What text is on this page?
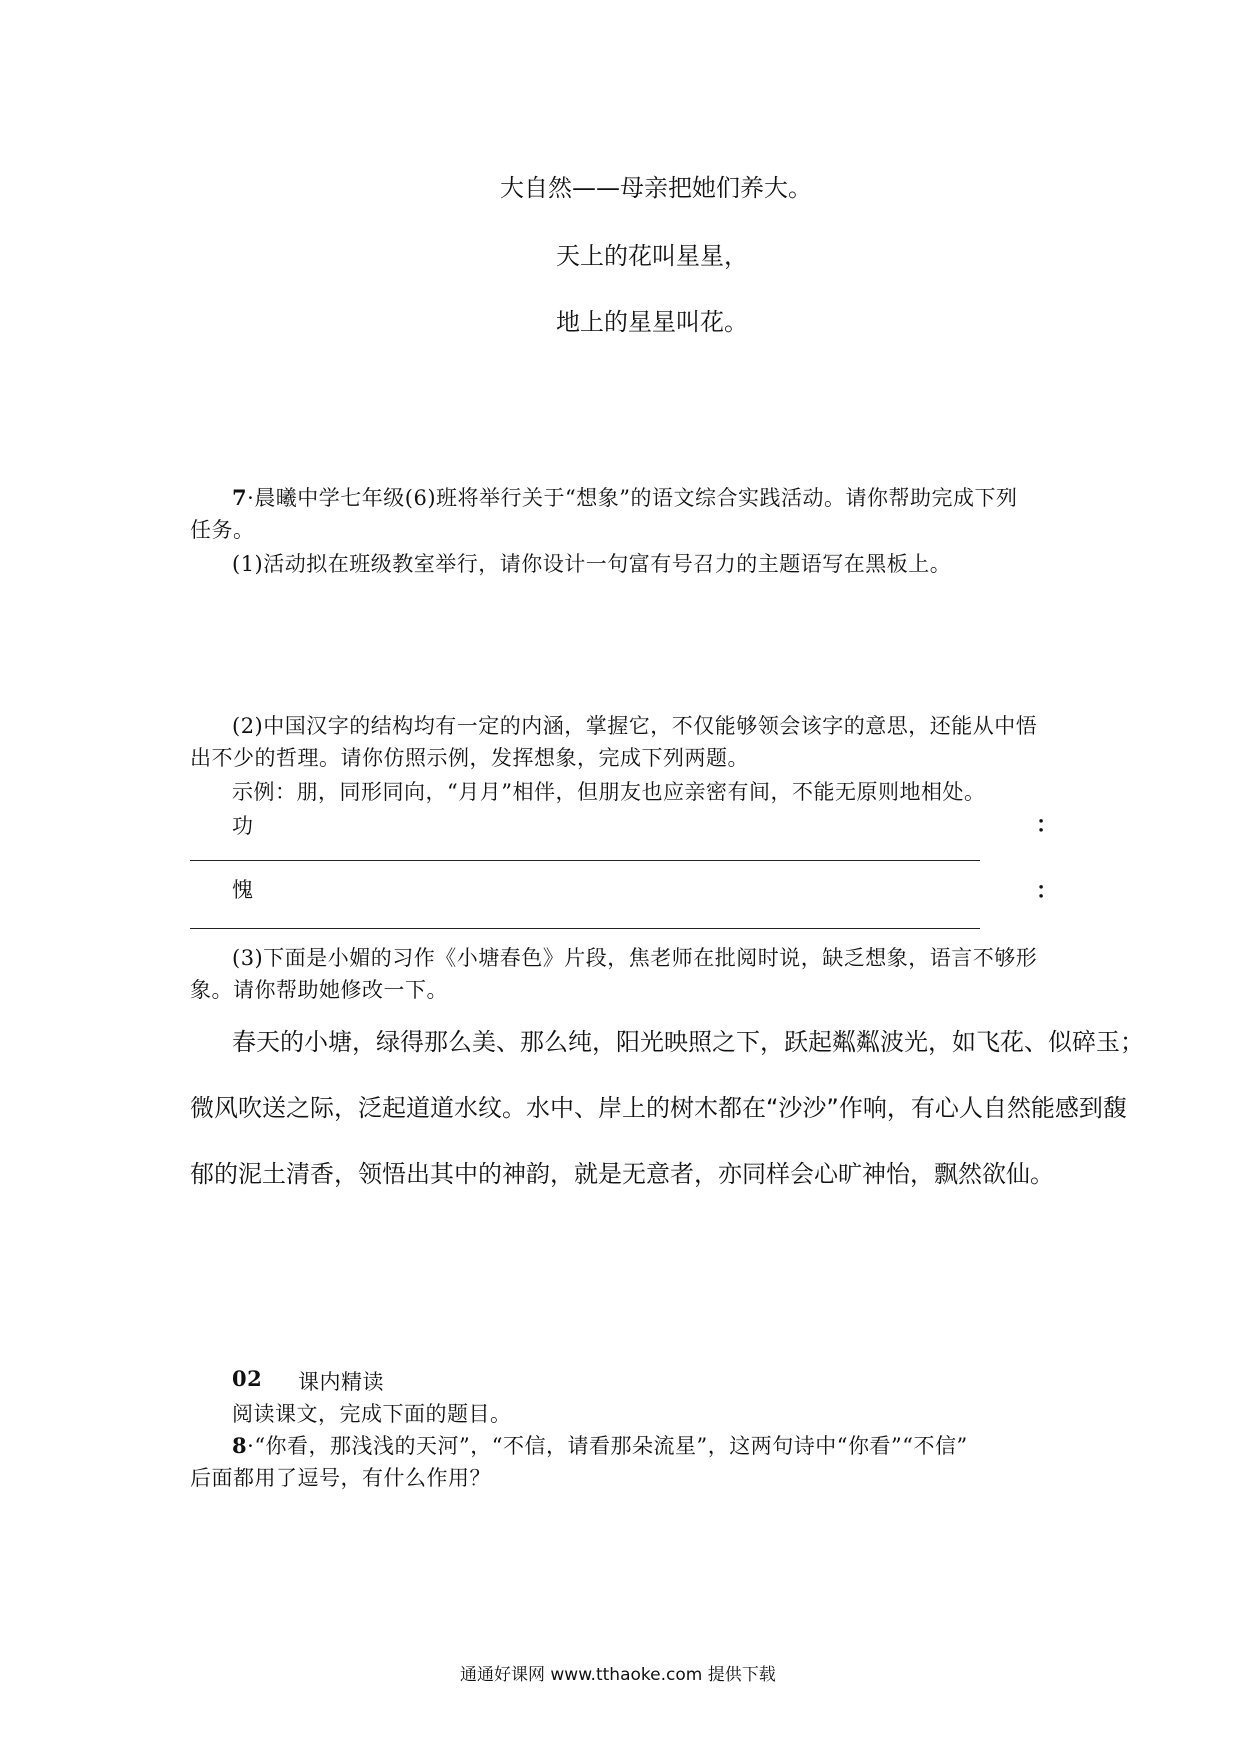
大自然——母亲把她们养大。

天上的花叫星星，

地上的星星叫花。

7·晨曦中学七年级(6)班将举行关于“想象”的语文综合实践活动。请你帮助完成下列

任务。

(1)活动拟在班级教室举行，请你设计一句富有号召力的主题语写在黑板上。

(2)中国汉字的结构均有一定的内涵，掌握它，不仅能够领会该字的意思，还能从中悟

出不少的哲理。请你仿照示例，发挥想象，完成下列两题。

示例：朋，同形同向，“月月”相伴，但朋友也应亲密有间，不能无原则地相处。

功	：

愧	：

(3)下面是小媚的习作《小塘春色》片段，焦老师在批阅时说，缺乏想象，语言不够形

象。请你帮助她修改一下。

春天的小塘，绿得那么美、那么纯，阳光映照之下，跃起粼粼波光，如飞花、似碎玉；

微风吹送之际，泛起道道水纹。水中、岸上的树木都在“沙沙”作响，有心人自然能感到馥

郁的泥土清香，领悟出其中的神韵，就是无意者，亦同样会心旷神怡，飘然欲仙。

02 课内精读

阅读课文，完成下面的题目。

8·“你看，那浅浅的天河”，“不信，请看那朵流星”，这两句诗中“你看”“不信”

后面都用了逗号，有什么作用？

通通好课网 www.tthaoke.com 提供下载
